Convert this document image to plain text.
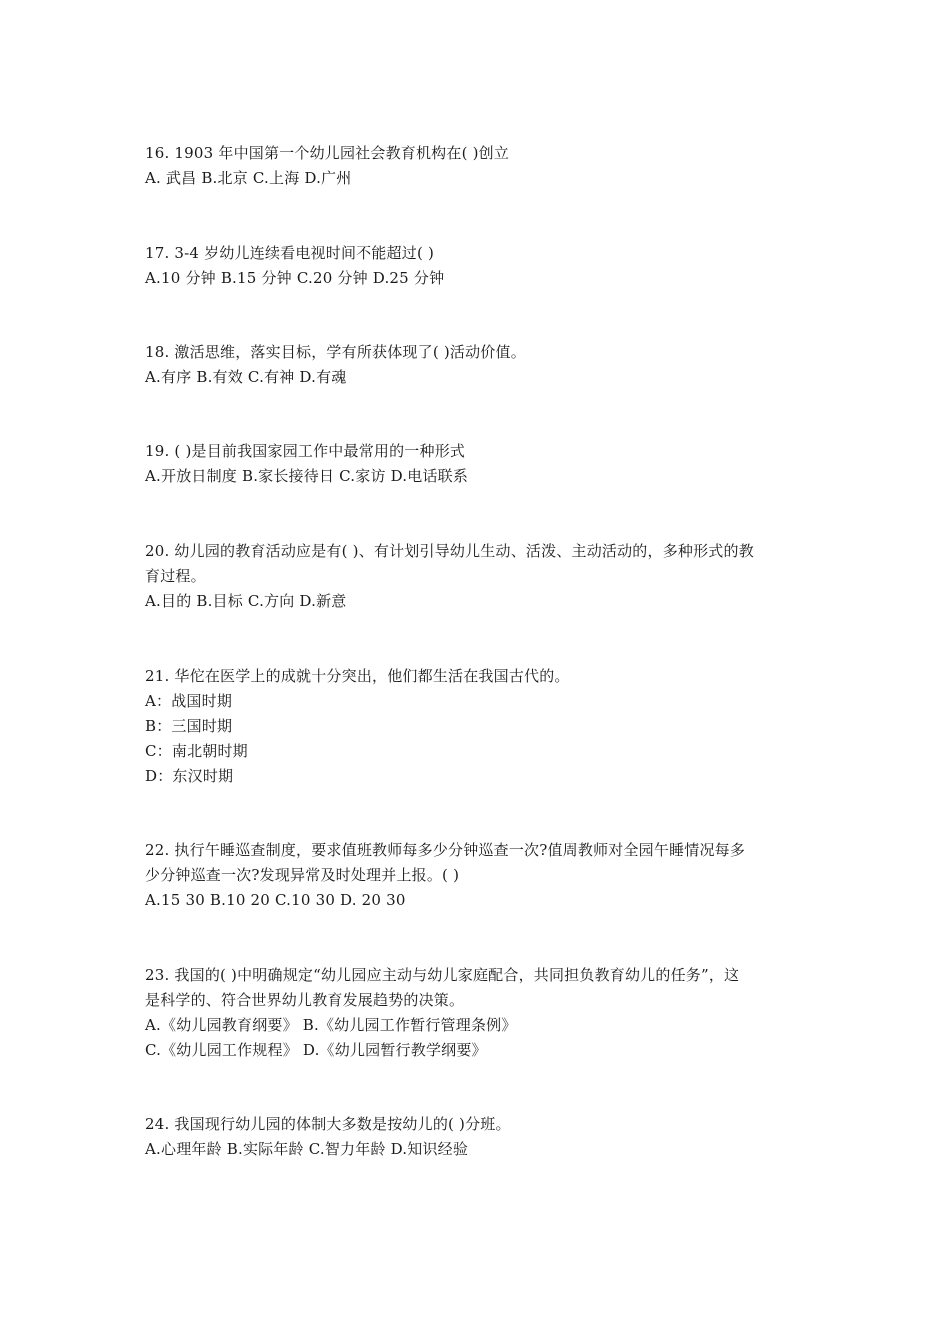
16. 1903 年中国第一个幼儿园社会教育机构在( )创立
A. 武昌 B.北京 C.上海 D.广州
17. 3-4 岁幼儿连续看电视时间不能超过( )
A.10 分钟 B.15 分钟 C.20 分钟 D.25 分钟
18. 激活思维，落实目标，学有所获体现了( )活动价值。
A.有序 B.有效 C.有神 D.有魂
19. ( )是目前我国家园工作中最常用的一种形式
A.开放日制度 B.家长接待日 C.家访 D.电话联系
20. 幼儿园的教育活动应是有( )、有计划引导幼儿生动、活泼、主动活动的，多种形式的教
育过程。
A.目的 B.目标 C.方向 D.新意
21. 华佗在医学上的成就十分突出，他们都生活在我国古代的。
A：战国时期
B：三国时期
C：南北朝时期
D：东汉时期
22. 执行午睡巡查制度，要求值班教师每多少分钟巡查一次?值周教师对全园午睡情况每多
少分钟巡查一次?发现异常及时处理并上报。( )
A.15 30 B.10 20 C.10 30 D. 20 30
23. 我国的( )中明确规定“幼儿园应主动与幼儿家庭配合，共同担负教育幼儿的任务”，这
是科学的、符合世界幼儿教育发展趋势的决策。
A.《幼儿园教育纲要》 B.《幼儿园工作暂行管理条例》
C.《幼儿园工作规程》 D.《幼儿园暂行教学纲要》
24. 我国现行幼儿园的体制大多数是按幼儿的( )分班。
A.心理年龄 B.实际年龄 C.智力年龄 D.知识经验
